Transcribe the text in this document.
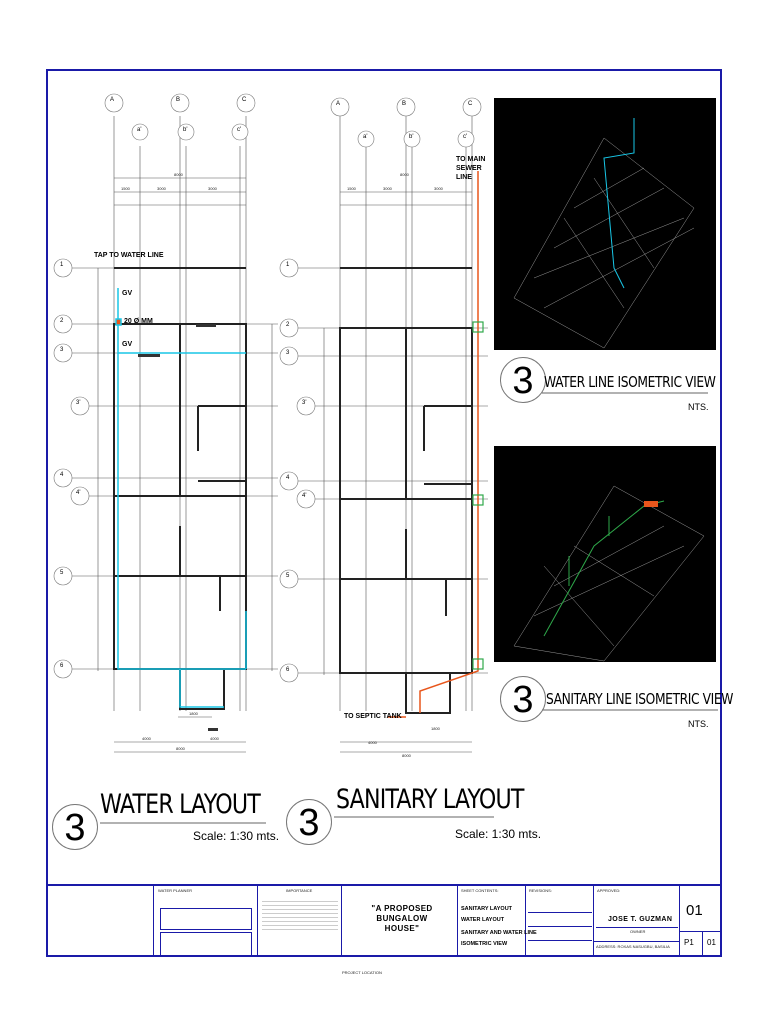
A	B	C
a'	b'	c'
1
2
3
3'
4
4'
5
6
8000
1500	3000	3000
4000	4000
8000
1800
TAP TO WATER LINE
GV
20 Ø MM
GV
A	B	C
a'	b'	c'
1
2
3
3'
4
4'
5
6
8000
1500	3000	3000
4000
1800
8000
TO MAIN SEWER LINE
TO SEPTIC TANK
3 WATER LINE ISOMETRIC VIEW
NTS.
3 SANITARY LINE ISOMETRIC VIEW
NTS.
3
WATER LAYOUT
Scale: 1:30 mts. 3
SANITARY LAYOUT
Scale: 1:30 mts.
WATER PLANNER	IMPORTANCE
"A PROPOSED BUNGALOW HOUSE"
SHEET CONTENTS:
SANITARY LAYOUT
WATER LAYOUT
SANITARY AND WATER LINE
ISOMETRIC VIEW
REVISIONS:	APPROVED:
JOSE T. GUZMAN
OWNER
ADDRESS: ROXAS NASUGBU, BASILIA
01
P1 01
PROJECT LOCATION
